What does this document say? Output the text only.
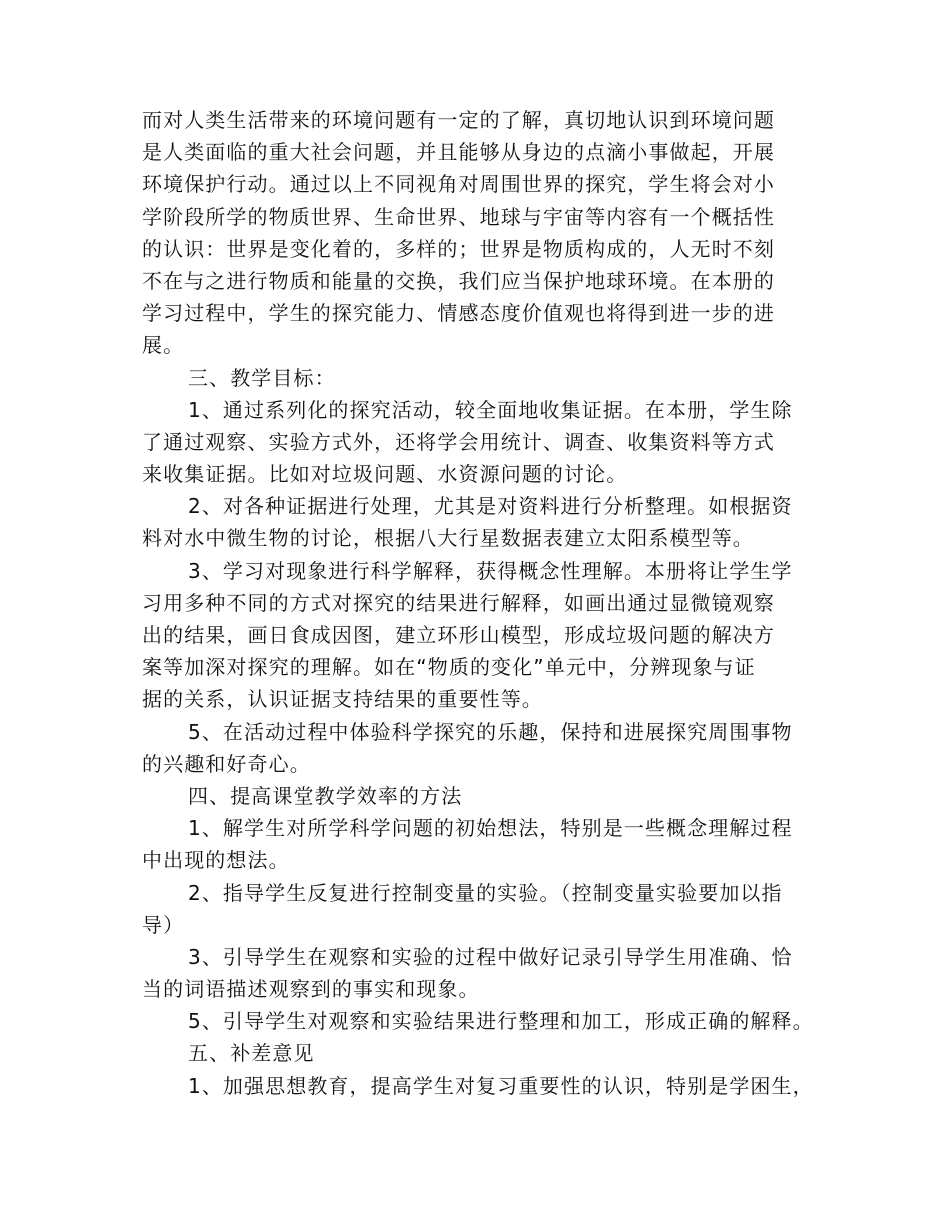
而对人类生活带来的环境问题有一定的了解，真切地认识到环境问题
是人类面临的重大社会问题，并且能够从身边的点滴小事做起，开展
环境保护行动。通过以上不同视角对周围世界的探究，学生将会对小
学阶段所学的物质世界、生命世界、地球与宇宙等内容有一个概括性
的认识：世界是变化着的，多样的；世界是物质构成的，人无时不刻
不在与之进行物质和能量的交换，我们应当保护地球环境。在本册的
学习过程中，学生的探究能力、情感态度价值观也将得到进一步的进
展。
三、教学目标：
1、通过系列化的探究活动，较全面地收集证据。在本册，学生除
了通过观察、实验方式外，还将学会用统计、调查、收集资料等方式
来收集证据。比如对垃圾问题、水资源问题的讨论。
2、对各种证据进行处理，尤其是对资料进行分析整理。如根据资
料对水中微生物的讨论，根据八大行星数据表建立太阳系模型等。
3、学习对现象进行科学解释，获得概念性理解。本册将让学生学
习用多种不同的方式对探究的结果进行解释，如画出通过显微镜观察
出的结果，画日食成因图，建立环形山模型，形成垃圾问题的解决方
案等加深对探究的理解。如在“物质的变化”单元中，分辨现象与证
据的关系，认识证据支持结果的重要性等。
5、在活动过程中体验科学探究的乐趣，保持和进展探究周围事物
的兴趣和好奇心。
四、提高课堂教学效率的方法
1、解学生对所学科学问题的初始想法，特别是一些概念理解过程
中出现的想法。
2、指导学生反复进行控制变量的实验。（控制变量实验要加以指
导）
3、引导学生在观察和实验的过程中做好记录引导学生用准确、恰
当的词语描述观察到的事实和现象。
5、引导学生对观察和实验结果进行整理和加工，形成正确的解释。
五、补差意见
1、加强思想教育，提高学生对复习重要性的认识，特别是学困生，
